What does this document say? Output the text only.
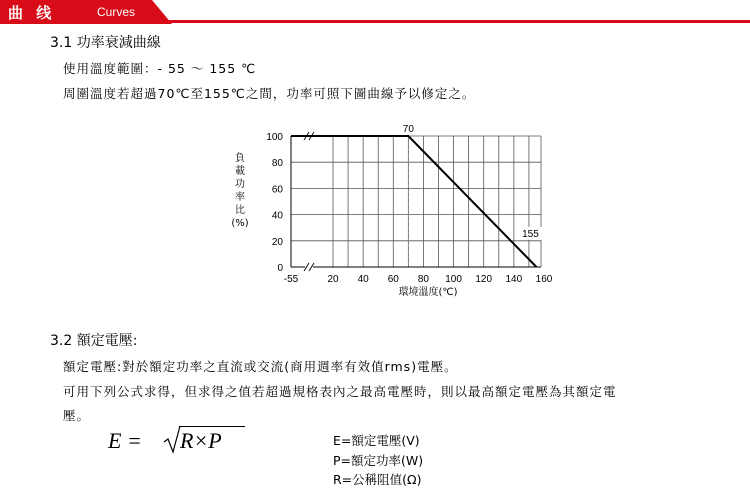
曲 线	Curves
3.1 功率衰減曲線
使用溫度範圍：- 55 ～ 155 ℃
周圍溫度若超過70℃至155℃之間，功率可照下圖曲線予以修定之。
負
載
功
率
比
(%)
0
20
40
60
80
100
-55	20 40 60 80 100 120 140 160
環境溫度(℃)
70
155
3.2 額定電壓:
額定電壓:對於額定功率之直流或交流(商用週率有效值rms)電壓。
可用下列公式求得，但求得之值若超過規格表內之最高電壓時，則以最高額定電壓為其額定電
壓。
E = R×P	E=額定電壓(V)
P=額定功率(W)
R=公稱阻值(Ω)
